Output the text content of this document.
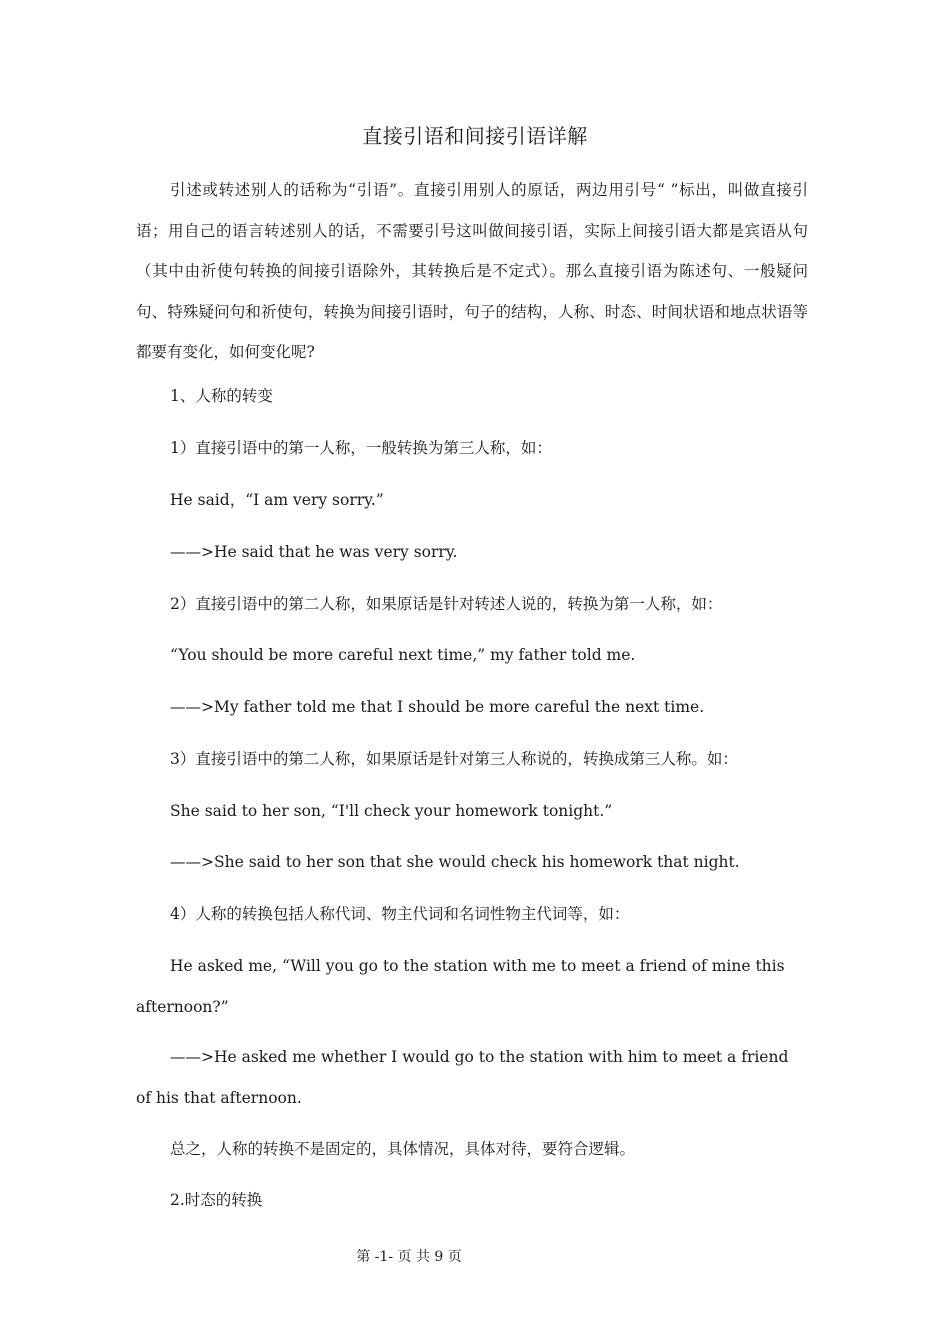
直接引语和间接引语详解

引述或转述别人的话称为“引语”。直接引用别人的原话，两边用引号“ ”标出，叫做直接引语；用自己的语言转述别人的话，不需要引号这叫做间接引语，实际上间接引语大都是宾语从句（其中由祈使句转换的间接引语除外，其转换后是不定式）。那么直接引语为陈述句、一般疑问句、特殊疑问句和祈使句，转换为间接引语时，句子的结构，人称、时态、时间状语和地点状语等都要有变化，如何变化呢?

1、人称的转变

1）直接引语中的第一人称，一般转换为第三人称，如：

He said，“I am very sorry.”

——>He said that he was very sorry.

2）直接引语中的第二人称，如果原话是针对转述人说的，转换为第一人称，如：

“You should be more careful next time,” my father told me.

——>My father told me that I should be more careful the next time.

3）直接引语中的第二人称，如果原话是针对第三人称说的，转换成第三人称。如：

She said to her son, “I'll check your homework tonight.”

——>She said to her son that she would check his homework that night.

4）人称的转换包括人称代词、物主代词和名词性物主代词等，如：

He asked me, “Will you go to the station with me to meet a friend of mine this afternoon?”

——>He asked me whether I would go to the station with him to meet a friend of his that afternoon.

总之，人称的转换不是固定的，具体情况，具体对待，要符合逻辑。

2.时态的转换

第 -1- 页 共 9 页
